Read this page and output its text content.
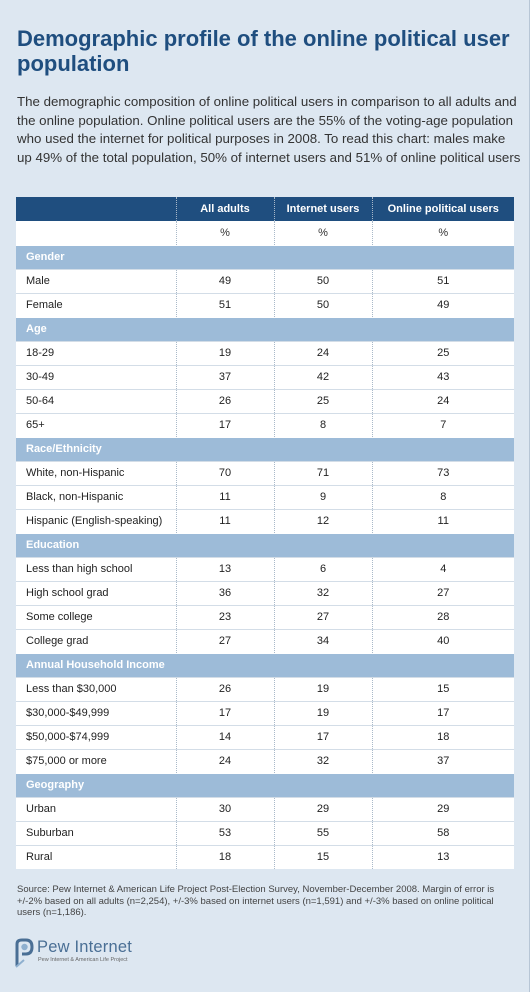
Demographic profile of the online political user population
The demographic composition of online political users in comparison to all adults and the online population. Online political users are the 55% of the voting-age population who used the internet for political purposes in 2008. To read this chart: males make up 49% of the total population, 50% of internet users and 51% of online political users
	All adults	Internet users	Online political users
	%	%	%
Gender			
Male	49	50	51
Female	51	50	49
Age			
18-29	19	24	25
30-49	37	42	43
50-64	26	25	24
65+	17	8	7
Race/Ethnicity			
White, non-Hispanic	70	71	73
Black, non-Hispanic	11	9	8
Hispanic (English-speaking)	11	12	11
Education			
Less than high school	13	6	4
High school grad	36	32	27
Some college	23	27	28
College grad	27	34	40
Annual Household Income			
Less than $30,000	26	19	15
$30,000-$49,999	17	19	17
$50,000-$74,999	14	17	18
$75,000 or more	24	32	37
Geography			
Urban	30	29	29
Suburban	53	55	58
Rural	18	15	13
Source: Pew Internet & American Life Project Post-Election Survey, November-December 2008. Margin of error is +/-2% based on all adults (n=2,254), +/-3% based on internet users (n=1,591) and +/-3% based on online political users (n=1,186).
Pew Internet
Pew Internet & American Life Project
